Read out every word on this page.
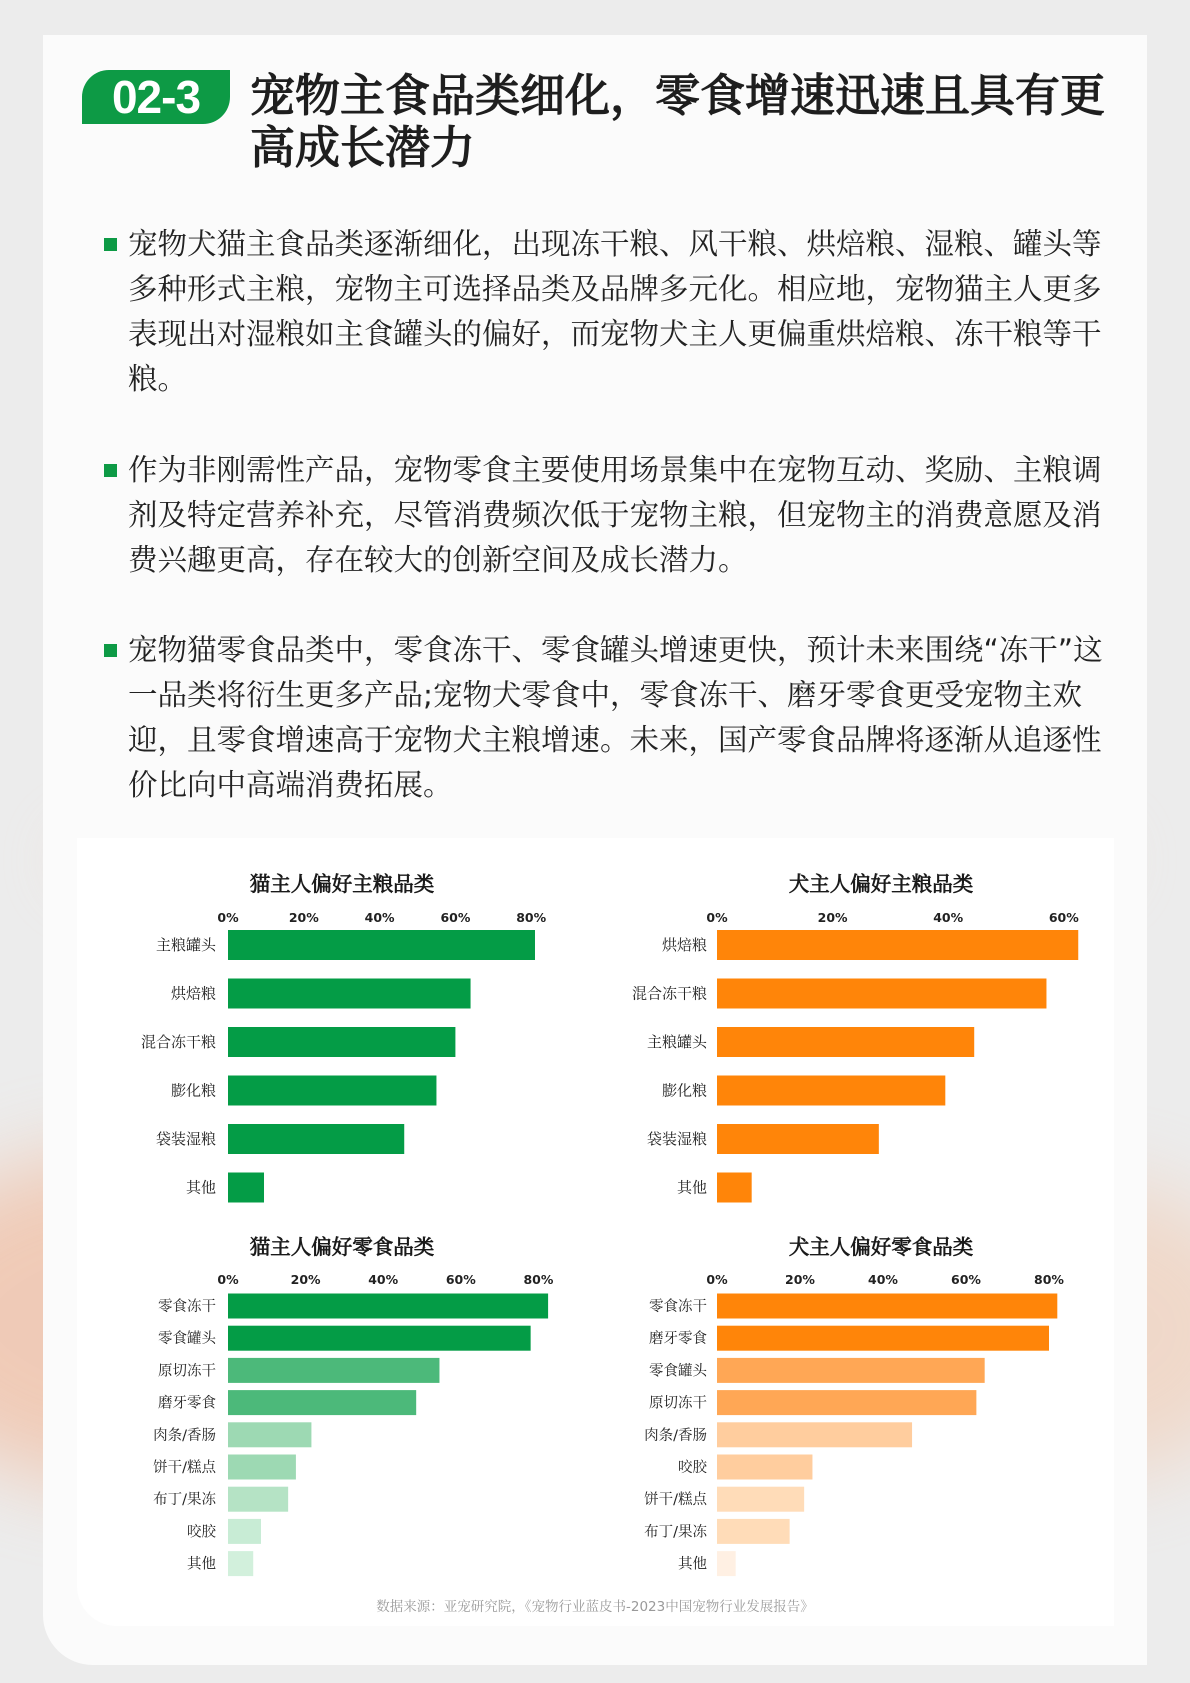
02-3	宠物主食品类细化，零食增速迅速且具有更高成长潜力
宠物犬猫主食品类逐渐细化，出现冻干粮、风干粮、烘焙粮、湿粮、罐头等多种形式主粮，宠物主可选择品类及品牌多元化。相应地，宠物猫主人更多表现出对湿粮如主食罐头的偏好，而宠物犬主人更偏重烘焙粮、冻干粮等干粮。
作为非刚需性产品，宠物零食主要使用场景集中在宠物互动、奖励、主粮调剂及特定营养补充，尽管消费频次低于宠物主粮，但宠物主的消费意愿及消费兴趣更高，存在较大的创新空间及成长潜力。
宠物猫零食品类中，零食冻干、零食罐头增速更快，预计未来围绕“冻干”这一品类将衍生更多产品;宠物犬零食中，零食冻干、磨牙零食更受宠物主欢迎，且零食增速高于宠物犬主粮增速。未来，国产零食品牌将逐渐从追逐性价比向中高端消费拓展。
猫主人偏好主粮品类
0%	20%	40%	60%	80%
主粮罐头
烘焙粮
混合冻干粮
膨化粮
袋装湿粮
其他
犬主人偏好主粮品类
0%	20%	40%	60%
烘焙粮
混合冻干粮
主粮罐头
膨化粮
袋装湿粮
其他
猫主人偏好零食品类
0%	20%	40%	60%	80%
零食冻干
零食罐头
原切冻干
磨牙零食
肉条/香肠
饼干/糕点
布丁/果冻
咬胶
其他
犬主人偏好零食品类
0%	20%	40%	60%	80%
零食冻干
磨牙零食
零食罐头
原切冻干
肉条/香肠
咬胶
饼干/糕点
布丁/果冻
其他
数据来源：亚宠研究院，《宠物行业蓝皮书-2023中国宠物行业发展报告》
